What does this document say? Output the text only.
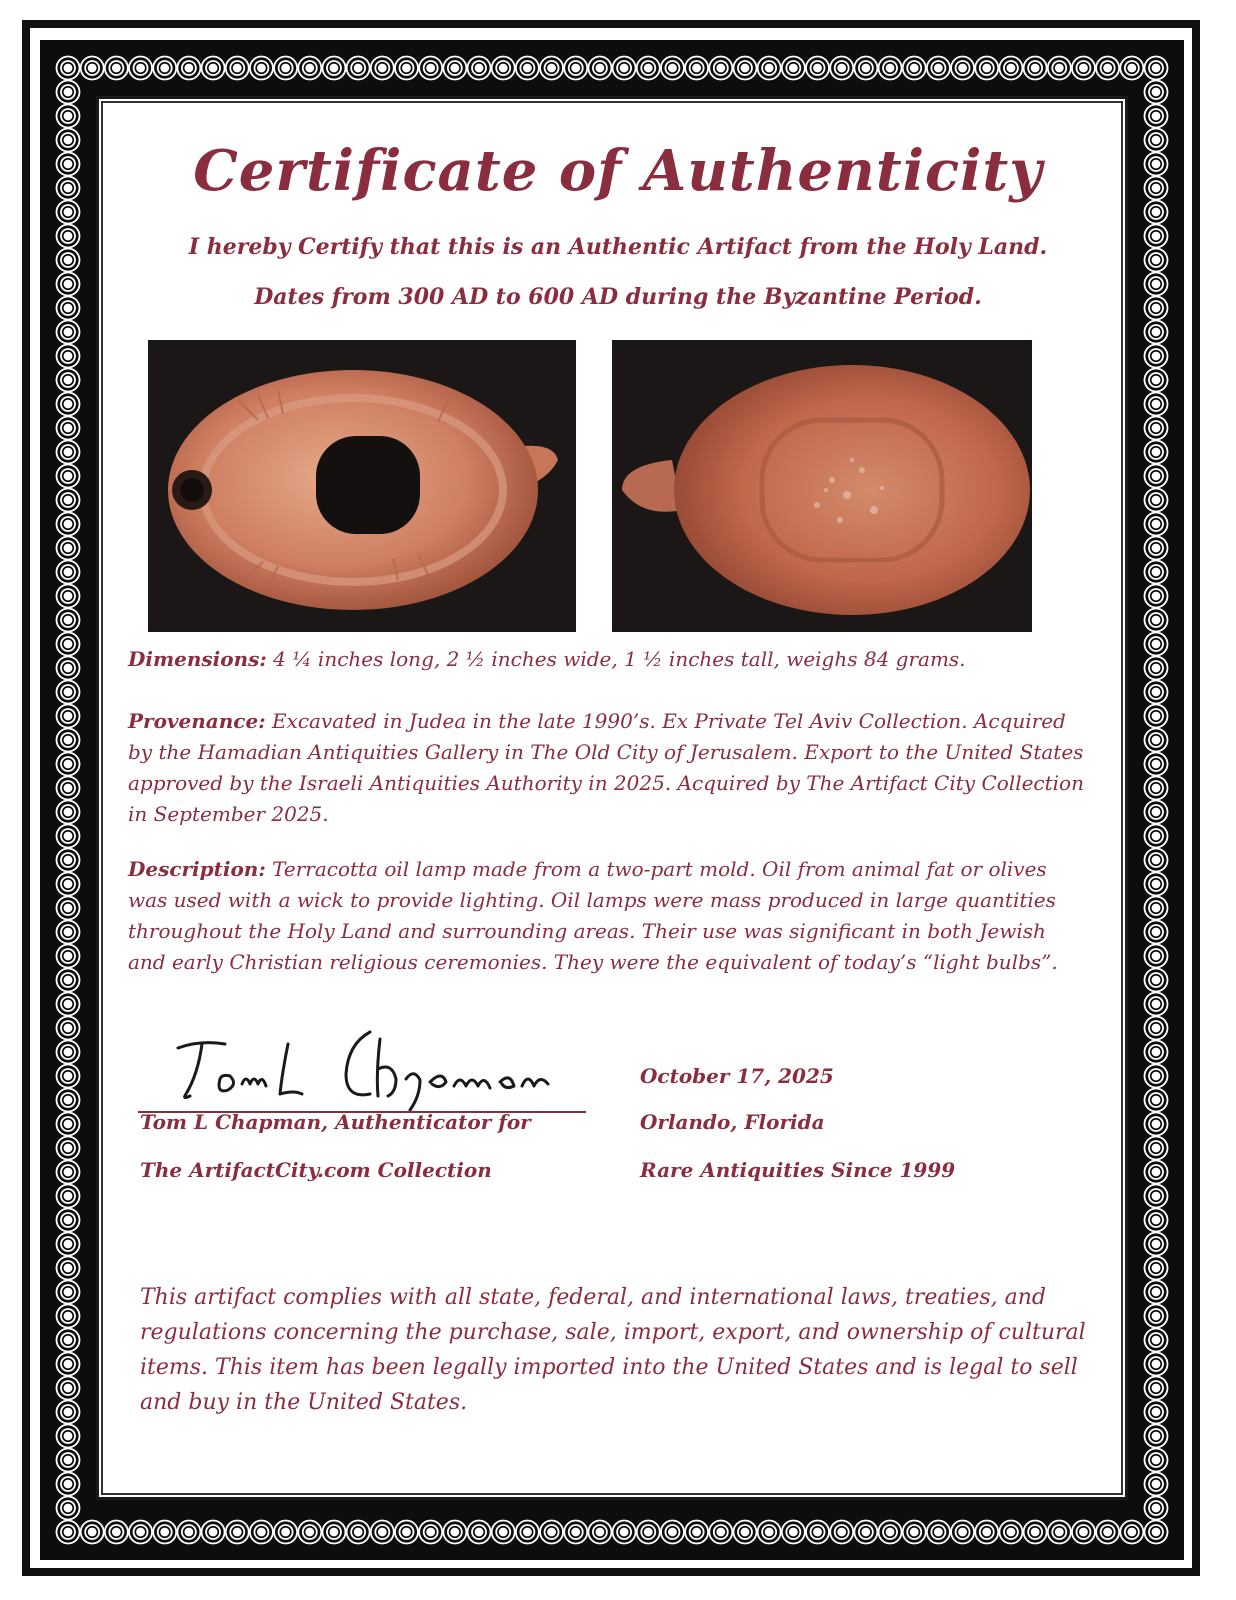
Certificate of Authenticity
I hereby Certify that this is an Authentic Artifact from the Holy Land.
Dates from 300 AD to 600 AD during the Byzantine Period.
Dimensions: 4 ¼ inches long, 2 ½ inches wide, 1 ½ inches tall, weighs 84 grams.
Provenance: Excavated in Judea in the late 1990’s. Ex Private Tel Aviv Collection. Acquired by the Hamadian Antiquities Gallery in The Old City of Jerusalem. Export to the United States approved by the Israeli Antiquities Authority in 2025. Acquired by The Artifact City Collection in September 2025.
Description: Terracotta oil lamp made from a two-part mold. Oil from animal fat or olives was used with a wick to provide lighting. Oil lamps were mass produced in large quantities throughout the Holy Land and surrounding areas. Their use was significant in both Jewish and early Christian religious ceremonies. They were the equivalent of today’s “light bulbs”.
Tom L Chapman, Authenticator for
The ArtifactCity.com Collection
October 17, 2025
Orlando, Florida
Rare Antiquities Since 1999
This artifact complies with all state, federal, and international laws, treaties, and regulations concerning the purchase, sale, import, export, and ownership of cultural items. This item has been legally imported into the United States and is legal to sell and buy in the United States.
